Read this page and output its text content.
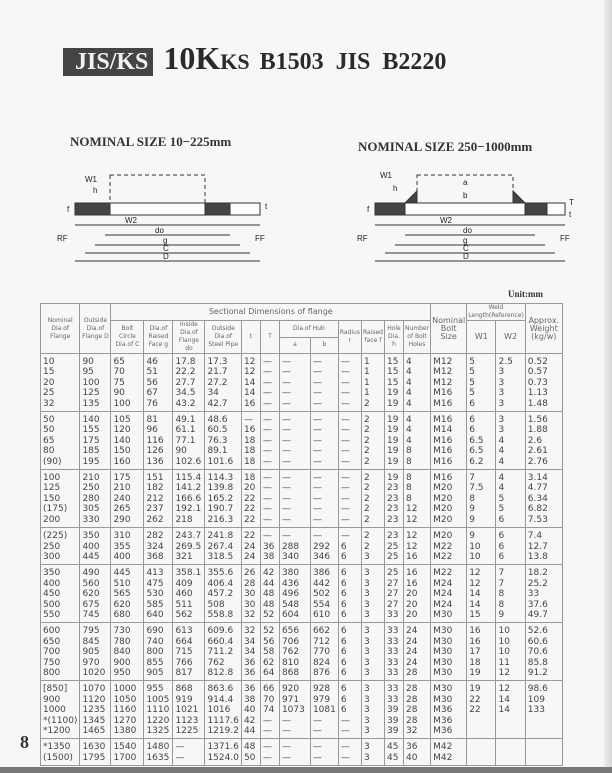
JIS/KS 10K KS B1503 JIS B2220
NOMINAL SIZE 10−225mm	NOMINAL SIZE 250−1000mm
W1
h
W2
do
g
C
D
f
RF	FF
t
W1
h
a
b
W2
do
g
C
D
f
RF	FF
T
t
Unit:mm
Nominal Dia.of Flange	Outside Dia.of Flange D	Sectional Dimensions of flange												Nominal Bolt Size	Weld Length(Reference)		Approx. Weight (kg/w)
		Bolt Circle Dia.of C	Dia.of Raised Face g	Inside Dia.of Flange do	Outside Dia.of Steel Pipe	t	T	Dia.of Hub		Radius r	Raised face f	Hole Dia. h	Number of Bolt Holes		W1	W2	
								a	b								
10	90	65	46	17.8	17.3	12	—	—	—	—	1	15	4	M12	5	2.5	0.52
15	95	70	51	22.2	21.7	12	—	—	—	—	1	15	4	M12	5	3	0.57
20	100	75	56	27.7	27.2	14	—	—	—	—	1	15	4	M12	5	3	0.73
25	125	90	67	34.5	34	14	—	—	—	—	1	19	4	M16	5	3	1.13
32	135	100	76	43.2	42.7	16	—	—	—	—	2	19	4	M16	6	3	1.48
50	140	105	81	49.1	48.6	—	—	—	—	—	2	19	4	M16	6	3	1.56
50	155	120	96	61.1	60.5	16	—	—	—	—	2	19	4	M14	6	3	1.88
65	175	140	116	77.1	76.3	18	—	—	—	—	2	19	4	M16	6.5	4	2.6
80	185	150	126	90	89.1	18	—	—	—	—	2	19	8	M16	6.5	4	2.61
(90)	195	160	136	102.6	101.6	18	—	—	—	—	2	19	8	M16	6.2	4	2.76
100	210	175	151	115.4	114.3	18	—	—	—	—	2	19	8	M16	7	4	3.14
125	250	210	182	141.2	139.8	20	—	—	—	—	2	23	8	M20	7.5	4	4.77
150	280	240	212	166.6	165.2	22	—	—	—	—	2	23	8	M20	8	5	6.34
(175)	305	265	237	192.1	190.7	22	—	—	—	—	2	23	12	M20	9	5	6.82
200	330	290	262	218	216.3	22	—	—	—	—	2	23	12	M20	9	6	7.53
(225)	350	310	282	243.7	241.8	22	—	—	—	—	2	23	12	M20	9	6	7.4
250	400	355	324	269.5	267.4	24	36	288	292	6	2	25	12	M22	10	6	12.7
300	445	400	368	321	318.5	24	38	340	346	6	3	25	16	M22	10	6	13.8
350	490	445	413	358.1	355.6	26	42	380	386	6	3	25	16	M22	12	7	18.2
400	560	510	475	409	406.4	28	44	436	442	6	3	27	16	M24	12	7	25.2
450	620	565	530	460	457.2	30	48	496	502	6	3	27	20	M24	14	8	33
500	675	620	585	511	508	30	48	548	554	6	3	27	20	M24	14	8	37.6
550	745	680	640	562	558.8	32	52	604	610	6	3	33	20	M30	15	9	49.7
600	795	730	690	613	609.6	32	52	656	662	6	3	33	24	M30	16	10	52.6
650	845	780	740	664	660.4	34	56	706	712	6	3	33	24	M30	16	10	60.6
700	905	840	800	715	711.2	34	58	762	770	6	3	33	24	M30	17	10	70.6
750	970	900	855	766	762	36	62	810	824	6	3	33	24	M30	18	11	85.8
800	1020	950	905	817	812.8	36	64	868	876	6	3	33	28	M30	19	12	91.2
[850]	1070	1000	955	868	863.6	36	66	920	928	6	3	33	28	M30	19	12	98.6
900	1120	1050	1005	919	914.4	38	70	971	979	6	3	33	28	M30	22	14	109
1000	1235	1160	1110	1021	1016	40	74	1073	1081	6	3	39	28	M36	22	14	133
*(1100)	1345	1270	1220	1123	1117.6	42	—	—	—	—	3	39	28	M36			
*1200	1465	1380	1325	1225	1219.2	44	—	—	—	—	3	39	32	M36			
*1350	1630	1540	1480	—	1371.6	48	—	—	—	—	3	45	36	M42			
(1500)	1795	1700	1635	—	1524.0	50	—	—	—	—	3	45	40	M42			
8
